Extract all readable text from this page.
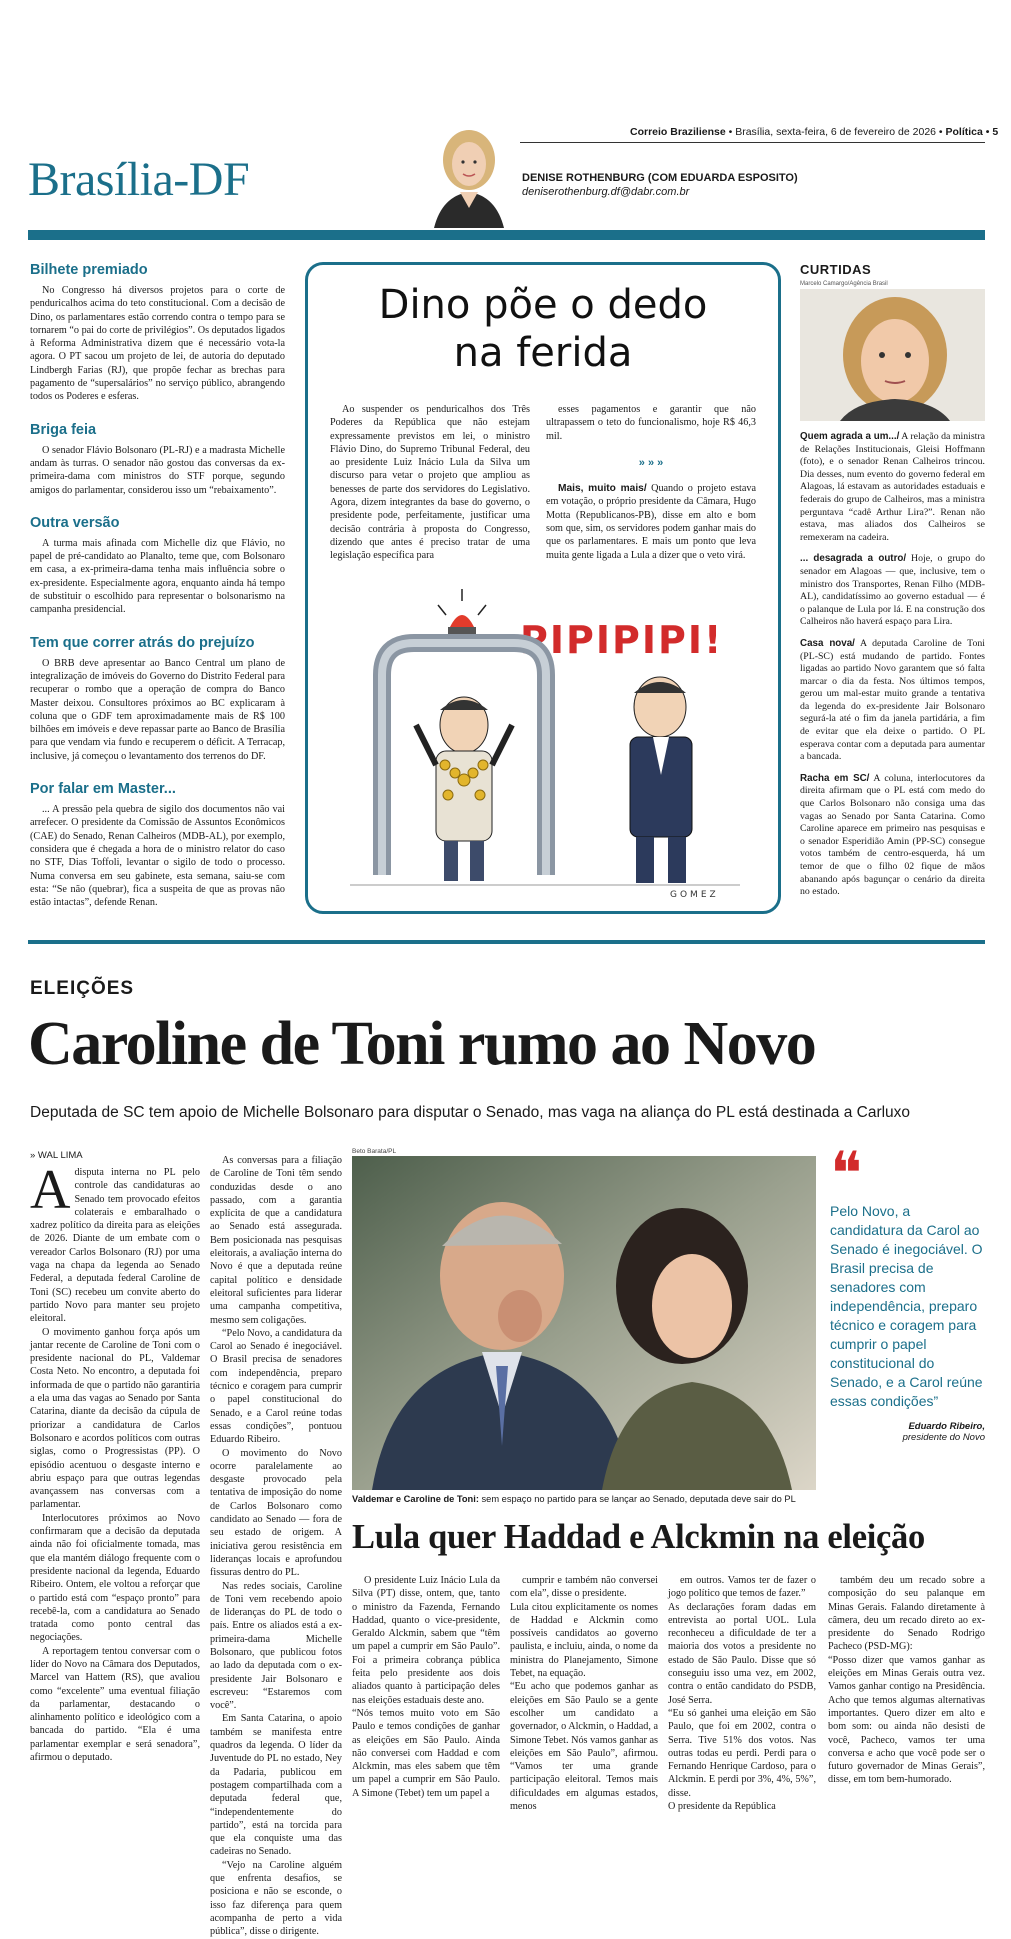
Correio Braziliense • Brasília, sexta-feira, 6 de fevereiro de 2026 • Política • 5
Brasília-DF	DENISE ROTHENBURG (COM EDUARDA ESPOSITO)
deniserothenburg.df@dabr.com.br
Bilhete premiado

No Congresso há diversos projetos para o corte de penduricalhos acima do teto constitucional. Com a decisão de Dino, os parlamentares estão correndo contra o tempo para se tornarem “o pai do corte de privilégios”. Os deputados ligados à Reforma Administrativa dizem que é necessário vota-la agora. O PT sacou um projeto de lei, de autoria do deputado Lindbergh Farias (RJ), que propõe fechar as brechas para pagamento de “supersalários” no serviço público, abrangendo todos os Poderes e esferas.

Briga feia

O senador Flávio Bolsonaro (PL-RJ) e a madrasta Michelle andam às turras. O senador não gostou das conversas da ex-primeira-dama com ministros do STF porque, segundo amigos do parlamentar, considerou isso um “rebaixamento”.

Outra versão

A turma mais afinada com Michelle diz que Flávio, no papel de pré-candidato ao Planalto, teme que, com Bolsonaro em casa, a ex-primeira-dama tenha mais influência sobre o ex-presidente. Especialmente agora, enquanto ainda há tempo de substituir o escolhido para representar o bolsonarismo na campanha presidencial.

Tem que correr atrás do prejuízo

O BRB deve apresentar ao Banco Central um plano de integralização de imóveis do Governo do Distrito Federal para recuperar o rombo que a operação de compra do Banco Master deixou. Consultores próximos ao BC explicaram à coluna que o GDF tem aproximadamente mais de R$ 100 bilhões em imóveis e deve repassar parte ao Banco de Brasília para que vendam via fundo e recuperem o déficit. A Terracap, inclusive, já começou o levantamento dos terrenos do DF.

Por falar em Master...

... A pressão pela quebra de sigilo dos documentos não vai arrefecer. O presidente da Comissão de Assuntos Econômicos (CAE) do Senado, Renan Calheiros (MDB-AL), por exemplo, considera que é chegada a hora de o ministro relator do caso no STF, Dias Toffoli, levantar o sigilo de todo o processo. Numa conversa em seu gabinete, esta semana, saiu-se com esta: “Se não (quebrar), fica a suspeita de que as provas não estão intactas”, defende Renan.

Dino põe o dedo na ferida

Ao suspender os penduricalhos dos Três Poderes da República que não estejam expressamente previstos em lei, o ministro Flávio Dino, do Supremo Tribunal Federal, deu ao presidente Luiz Inácio Lula da Silva um discurso para vetar o projeto que ampliou as benesses de parte dos servidores do Legislativo. Agora, dizem integrantes da base do governo, o presidente pode, perfeitamente, justificar uma decisão contrária à proposta do Congresso, dizendo que antes é preciso tratar de uma legislação específica para

esses pagamentos e garantir que não ultrapassem o teto do funcionalismo, hoje R$ 46,3 mil.

» » »

Mais, muito mais/ Quando o projeto estava em votação, o próprio presidente da Câmara, Hugo Motta (Republicanos-PB), disse em alto e bom som que, sim, os servidores podem ganhar mais do que os parlamentares. E mais um ponto que leva muita gente ligada a Lula a dizer que o veto virá.

PIPIPIPI!
GOMEZ
CURTIDAS
Marcelo Camargo/Agência Brasil

Quem agrada a um.../ A relação da ministra de Relações Institucionais, Gleisi Hoffmann (foto), e o senador Renan Calheiros trincou. Dia desses, num evento do governo federal em Alagoas, lá estavam as autoridades estaduais e federais do grupo de Calheiros, mas a ministra perguntava “cadê Arthur Lira?”. Renan não estava, mas aliados dos Calheiros se remexeram na cadeira.

... desagrada a outro/ Hoje, o grupo do senador em Alagoas — que, inclusive, tem o ministro dos Transportes, Renan Filho (MDB-AL), candidatíssimo ao governo estadual — é o palanque de Lula por lá. E na construção dos Calheiros não haverá espaço para Lira.

Casa nova/ A deputada Caroline de Toni (PL-SC) está mudando de partido. Fontes ligadas ao partido Novo garantem que só falta marcar o dia da festa. Nos últimos tempos, gerou um mal-estar muito grande a tentativa da legenda do ex-presidente Jair Bolsonaro segurá-la até o fim da janela partidária, a fim de evitar que ela deixe o partido. O PL esperava contar com a deputada para aumentar a bancada.

Racha em SC/ A coluna, interlocutores da direita afirmam que o PL está com medo do que Carlos Bolsonaro não consiga uma das vagas ao Senado por Santa Catarina. Como Caroline aparece em primeiro nas pesquisas e o senador Esperidião Amin (PP-SC) consegue votos também de centro-esquerda, há um temor de que o filho 02 fique de mãos abanando após bagunçar o cenário da direita no estado.

ELEIÇÕES
Caroline de Toni rumo ao Novo
Deputada de SC tem apoio de Michelle Bolsonaro para disputar o Senado, mas vaga na aliança do PL está destinada a Carluxo
» WAL LIMA

Adisputa interna no PL pelo controle das candidaturas ao Senado tem provocado efeitos colaterais e embaralhado o xadrez político da direita para as eleições de 2026. Diante de um embate com o vereador Carlos Bolsonaro (RJ) por uma vaga na chapa da legenda ao Senado Federal, a deputada federal Caroline de Toni (SC) recebeu um convite aberto do partido Novo para manter seu projeto eleitoral.

O movimento ganhou força após um jantar recente de Caroline de Toni com o presidente nacional do PL, Valdemar Costa Neto. No encontro, a deputada foi informada de que o partido não garantiria a ela uma das vagas ao Senado por Santa Catarina, diante da decisão da cúpula de priorizar a candidatura de Carlos Bolsonaro e acordos políticos com outras siglas, como o Progressistas (PP). O episódio acentuou o desgaste interno e abriu espaço para que outras legendas avançassem nas conversas com a parlamentar.

Interlocutores próximos ao Novo confirmaram que a decisão da deputada ainda não foi oficialmente tomada, mas que ela mantém diálogo frequente com o presidente nacional da legenda, Eduardo Ribeiro. Ontem, ele voltou a reforçar que o partido está com “espaço pronto” para recebê-la, com a candidatura ao Senado tratada como ponto central das negociações.

A reportagem tentou conversar com o líder do Novo na Câmara dos Deputados, Marcel van Hattem (RS), que avaliou como “excelente” uma eventual filiação da parlamentar, destacando o alinhamento político e ideológico com a bancada do partido. “Ela é uma parlamentar exemplar e será senadora”, afirmou o deputado.

As conversas para a filiação de Caroline de Toni têm sendo conduzidas desde o ano passado, com a garantia explícita de que a candidatura ao Senado está assegurada. Bem posicionada nas pesquisas eleitorais, a avaliação interna do Novo é que a deputada reúne capital político e densidade eleitoral suficientes para liderar uma campanha competitiva, mesmo sem coligações.

“Pelo Novo, a candidatura da Carol ao Senado é inegociável. O Brasil precisa de senadores com independência, preparo técnico e coragem para cumprir o papel constitucional do Senado, e a Carol reúne todas essas condições”, pontuou Eduardo Ribeiro.

O movimento do Novo ocorre paralelamente ao desgaste provocado pela tentativa de imposição do nome de Carlos Bolsonaro como candidato ao Senado — fora de seu estado de origem. A iniciativa gerou resistência em lideranças locais e aprofundou fissuras dentro do PL.

Nas redes sociais, Caroline de Toni vem recebendo apoio de lideranças do PL de todo o país. Entre os aliados está a ex-primeira-dama Michelle Bolsonaro, que publicou fotos ao lado da deputada com o ex-presidente Jair Bolsonaro e escreveu: “Estaremos com você”.

Em Santa Catarina, o apoio também se manifesta entre quadros da legenda. O líder da Juventude do PL no estado, Ney da Padaria, publicou em postagem compartilhada com a deputada federal que, “independentemente do partido”, está na torcida para que ela conquiste uma das cadeiras no Senado.

“Vejo na Caroline alguém que enfrenta desafios, se posiciona e não se esconde, o isso faz diferença para quem acompanha de perto a vida pública”, disse o dirigente.

Beto Barata/PL
Valdemar e Caroline de Toni: sem espaço no partido para se lançar ao Senado, deputada deve sair do PL
❝
Pelo Novo, a candidatura da Carol ao Senado é inegociável. O Brasil precisa de senadores com independência, preparo técnico e coragem para cumprir o papel constitucional do Senado, e a Carol reúne essas condições”
Eduardo Ribeiro,
presidente do Novo
Lula quer Haddad e Alckmin na eleição

O presidente Luiz Inácio Lula da Silva (PT) disse, ontem, que, tanto o ministro da Fazenda, Fernando Haddad, quanto o vice-presidente, Geraldo Alckmin, sabem que “têm um papel a cumprir em São Paulo”. Foi a primeira cobrança pública feita pelo presidente aos dois aliados quanto à participação deles nas eleições estaduais deste ano.
“Nós temos muito voto em São Paulo e temos condições de ganhar as eleições em São Paulo. Ainda não conversei com Haddad e com Alckmin, mas eles sabem que têm um papel a cumprir em São Paulo. A Simone (Tebet) tem um papel a

cumprir e também não conversei com ela”, disse o presidente.
Lula citou explicitamente os nomes de Haddad e Alckmin como possíveis candidatos ao governo paulista, e incluiu, ainda, o nome da ministra do Planejamento, Simone Tebet, na equação.
“Eu acho que podemos ganhar as eleições em São Paulo se a gente escolher um candidato a governador, o Alckmin, o Haddad, a Simone Tebet. Nós vamos ganhar as eleições em São Paulo”, afirmou. “Vamos ter uma grande participação eleitoral. Temos mais dificuldades em algumas estados, menos

em outros. Vamos ter de fazer o jogo político que temos de fazer.”
As declarações foram dadas em entrevista ao portal UOL. Lula reconheceu a dificuldade de ter a maioria dos votos a presidente no estado de São Paulo. Disse que só conseguiu isso uma vez, em 2002, contra o então candidato do PSDB, José Serra.
“Eu só ganhei uma eleição em São Paulo, que foi em 2002, contra o Serra. Tive 51% dos votos. Nas outras todas eu perdi. Perdi para o Fernando Henrique Cardoso, para o Alckmin. E perdi por 3%, 4%, 5%”, disse.
O presidente da República

também deu um recado sobre a composição do seu palanque em Minas Gerais. Falando diretamente à câmera, deu um recado direto ao ex-presidente do Senado Rodrigo Pacheco (PSD-MG):
“Posso dizer que vamos ganhar as eleições em Minas Gerais outra vez. Vamos ganhar contigo na Presidência. Acho que temos algumas alternativas importantes. Quero dizer em alto e bom som: ou ainda não desisti de você, Pacheco, vamos ter uma conversa e acho que você pode ser o futuro governador de Minas Gerais”, disse, em tom bem-humorado.
